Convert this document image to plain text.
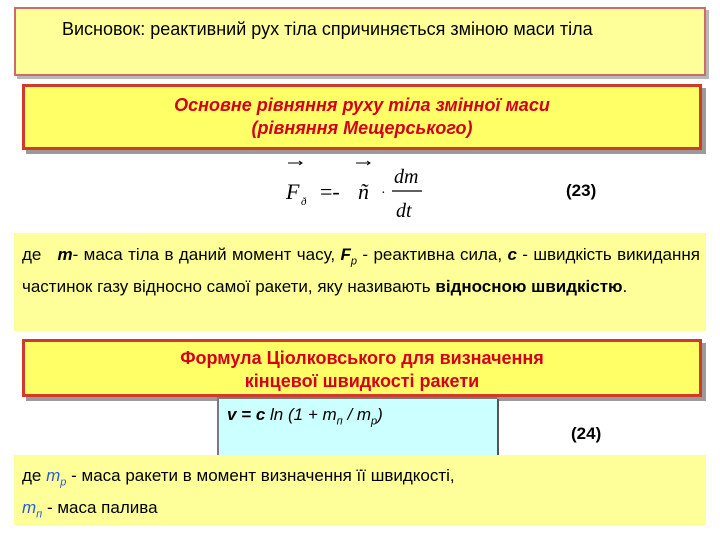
Висновок: реактивний рух тіла спричиняється зміною маси тіла
Основне рівняння руху тіла змінної маси
(рівняння Мещерського)
F ð =- ñ ·
dm
dt
(23)
де m- маса тіла в даний момент часу, $F_р$ - реактивна сила, с - швидкість викидання частинок газу відносно самої ракети, яку називають відносною швидкістю.
Формула Ціолковського для визначення
кінцевої швидкості ракети
v = c $\ln (1 + m_п / m_р)$
(24)
де $m_р$ - маса ракети в момент визначення її швидкості,
$m_п$ - маса палива
